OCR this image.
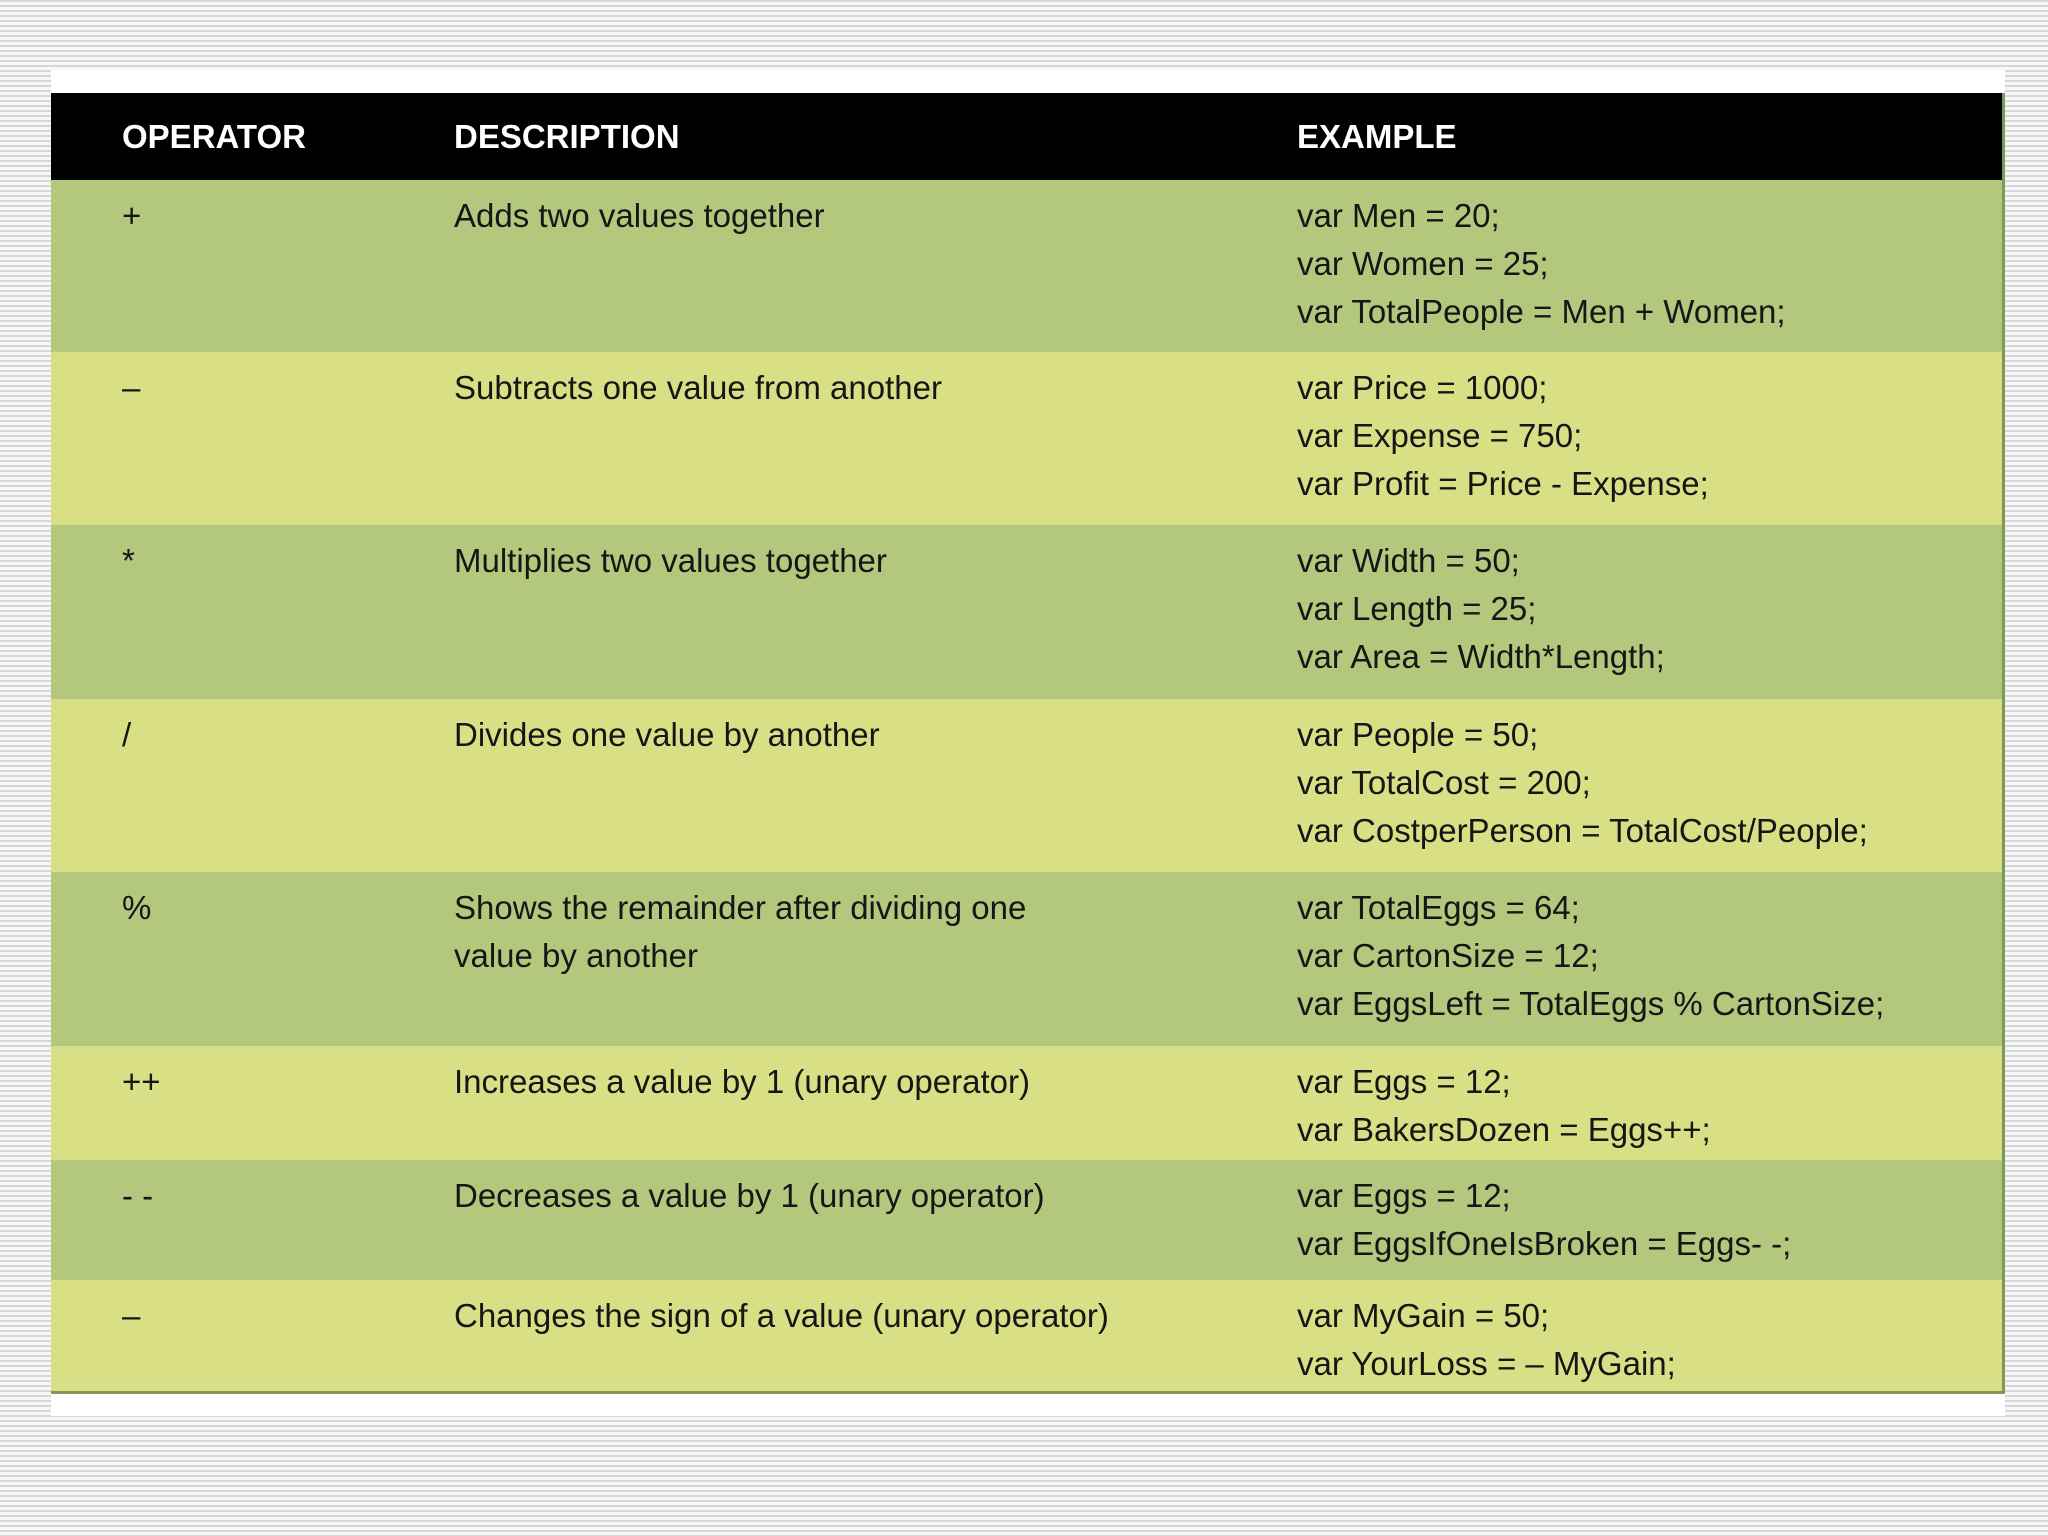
OPERATOR	DESCRIPTION	EXAMPLE
+	Adds two values together	var Men = 20;
var Women = 25;
var TotalPeople = Men + Women;

–	Subtracts one value from another	var Price = 1000;
var Expense = 750;
var Profit = Price - Expense;

*	Multiplies two values together	var Width = 50;
var Length = 25;
var Area = Width*Length;

/	Divides one value by another	var People = 50;
var TotalCost = 200;
var CostperPerson = TotalCost/People;

%	Shows the remainder after dividing one
value by another	var TotalEggs = 64;
var CartonSize = 12;
var EggsLeft = TotalEggs % CartonSize;

++	Increases a value by 1 (unary operator)	var Eggs = 12;
var BakersDozen = Eggs++;

- -	Decreases a value by 1 (unary operator)	var Eggs = 12;
var EggsIfOneIsBroken = Eggs- -;

–	Changes the sign of a value (unary operator)	var MyGain = 50;
var YourLoss = – MyGain;
